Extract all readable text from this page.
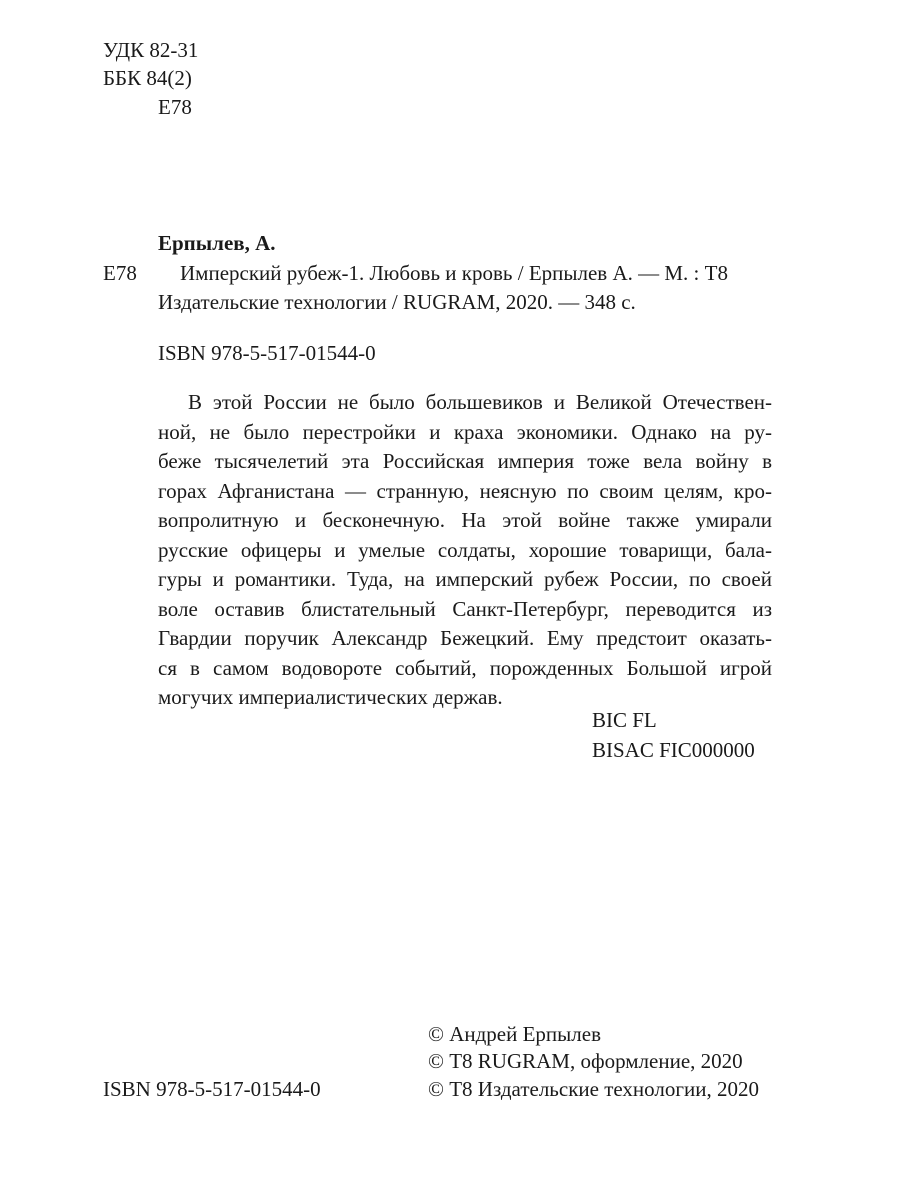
УДК 82-31
ББК 84(2)
Е78
Ерпылев, А.
Е78 Имперский рубеж-1. Любовь и кровь / Ерпылев А. — М. : Т8
Издательские технологии / RUGRAM, 2020. — 348 с.
ISBN 978-5-517-01544-0
В этой России не было большевиков и Великой Отечествен-
ной, не было перестройки и краха экономики. Однако на ру-
беже тысячелетий эта Российская империя тоже вела войну в
горах Афганистана — странную, неясную по своим целям, кро-
вопролитную и бесконечную. На этой войне также умирали
русские офицеры и умелые солдаты, хорошие товарищи, бала-
гуры и романтики. Туда, на имперский рубеж России, по своей
воле оставив блистательный Санкт-Петербург, переводится из
Гвардии поручик Александр Бежецкий. Ему предстоит оказать-
ся в самом водовороте событий, порожденных Большой игрой
могучих империалистических держав.
BIC FL
BISAC FIC000000
© Андрей Ерпылев
© Т8 RUGRAM, оформление, 2020
© Т8 Издательские технологии, 2020
ISBN 978-5-517-01544-0
